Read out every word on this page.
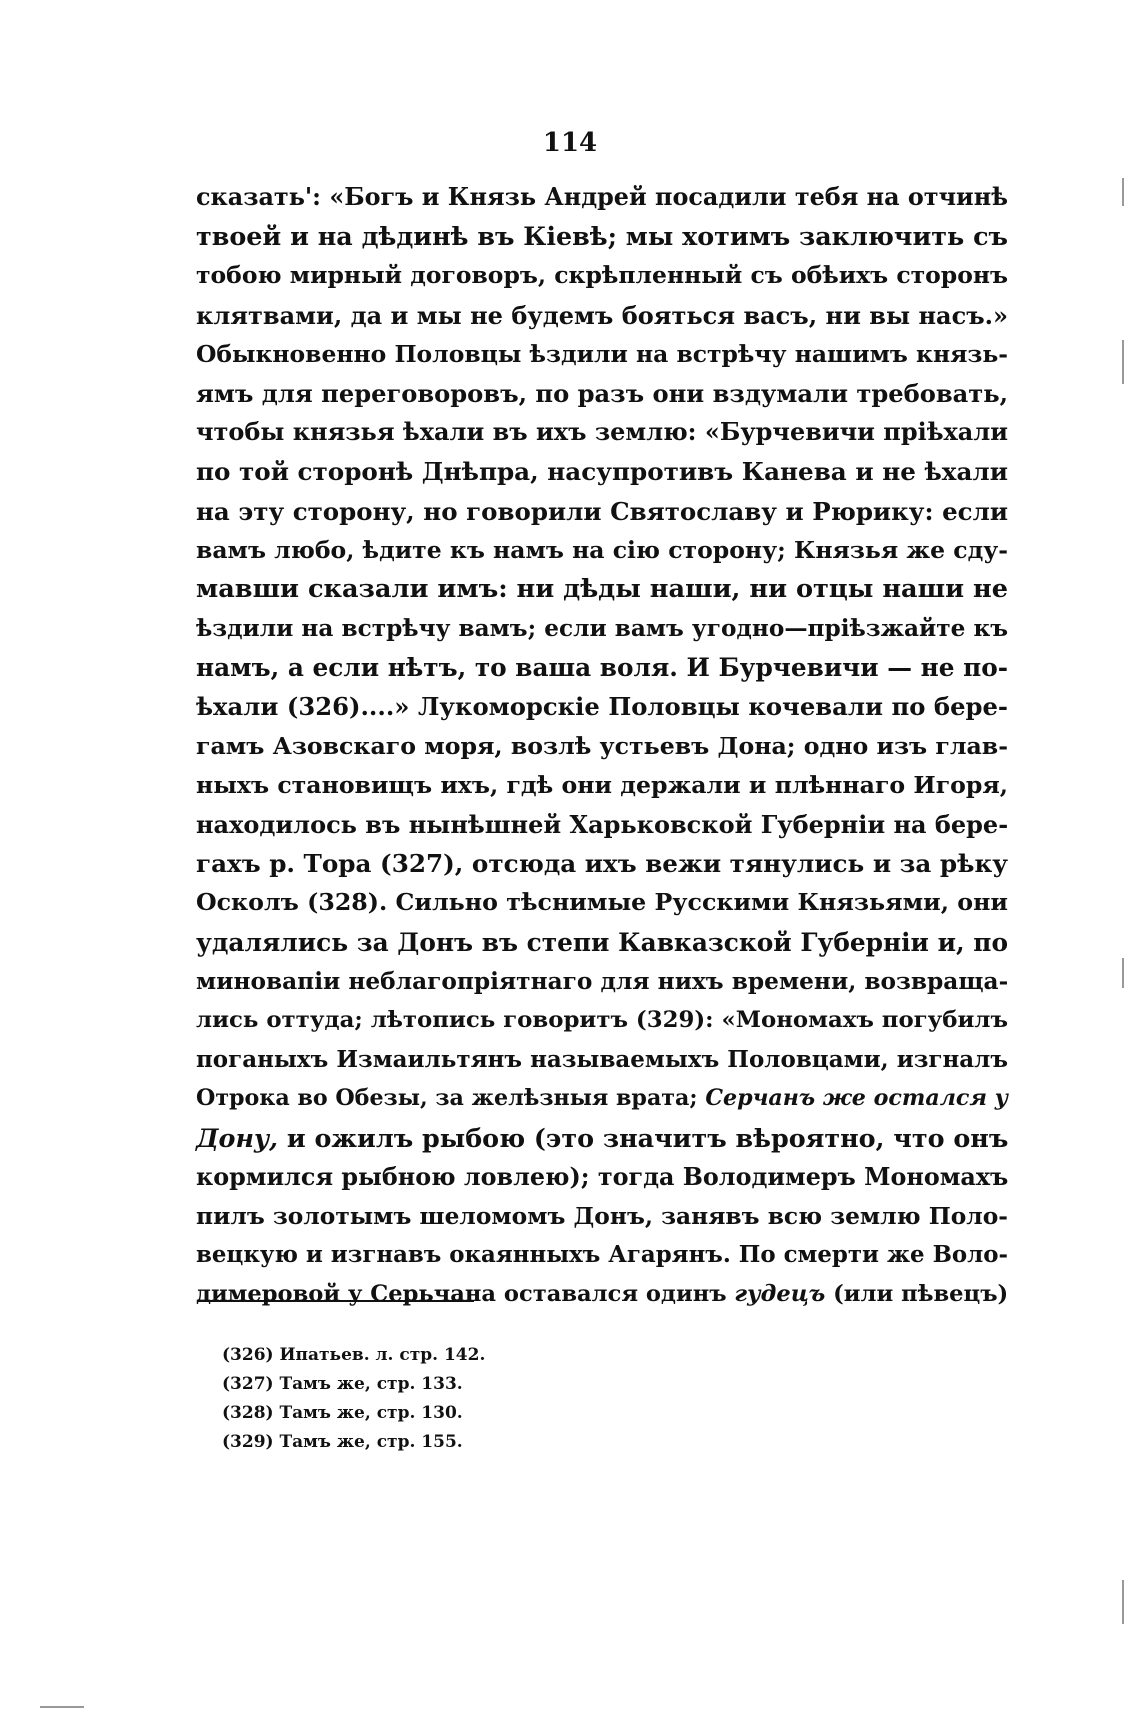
114
сказать': «Богъ и Князь Андрей посадили тебя на отчинѣ
твоей и на дѣдинѣ въ Кіевѣ; мы хотимъ заключить съ
тобою мирный договоръ, скрѣпленный съ обѣихъ сторонъ
клятвами, да и мы не будемъ бояться васъ, ни вы насъ.»
Обыкновенно Половцы ѣздили на встрѣчу нашимъ князь-
ямъ для переговоровъ, по разъ они вздумали требовать,
чтобы князья ѣхали въ ихъ землю: «Бурчевичи пріѣхали
по той сторонѣ Днѣпра, насупротивъ Канева и не ѣхали
на эту сторону, но говорили Святославу и Рюрику: если
вамъ любо, ѣдите къ намъ на сію сторону; Князья же сду-
мавши сказали имъ: ни дѣды наши, ни отцы наши не
ѣздили на встрѣчу вамъ; если вамъ угодно—пріѣзжайте къ
намъ, а если нѣтъ, то ваша воля. И Бурчевичи — не по-
ѣхали (326)....» Лукоморскіе Половцы кочевали по бере-
гамъ Азовскаго моря, возлѣ устьевъ Дона; одно изъ глав-
ныхъ становищъ ихъ, гдѣ они держали и плѣннаго Игоря,
находилось въ нынѣшней Харьковской Губерніи на бере-
гахъ р. Тора (327), отсюда ихъ вежи тянулись и за рѣку
Осколъ (328). Сильно тѣснимые Русскими Князьями, они
удалялись за Донъ въ степи Кавказской Губерніи и, по
миновапіи неблагопріятнаго для нихъ времени, возвраща-
лись оттуда; лѣтопись говоритъ (329): «Мономахъ погубилъ
поганыхъ Измаильтянъ называемыхъ Половцами, изгналъ
Отрока во Обезы, за желѣзныя врата; Серчанъ же остался у
Дону, и ожилъ рыбою (это значитъ вѣроятно, что онъ
кормился рыбною ловлею); тогда Володимеръ Мономахъ
пилъ золотымъ шеломомъ Донъ, занявъ всю землю Поло-
вецкую и изгнавъ окаянныхъ Агарянъ. По смерти же Воло-
димеровой у Серьчана оставался одинъ гудецъ (или пѣвецъ)
(326) Ипатьев. л. стр. 142.
(327) Тамъ же, стр. 133.
(328) Тамъ же, стр. 130.
(329) Тамъ же, стр. 155.
